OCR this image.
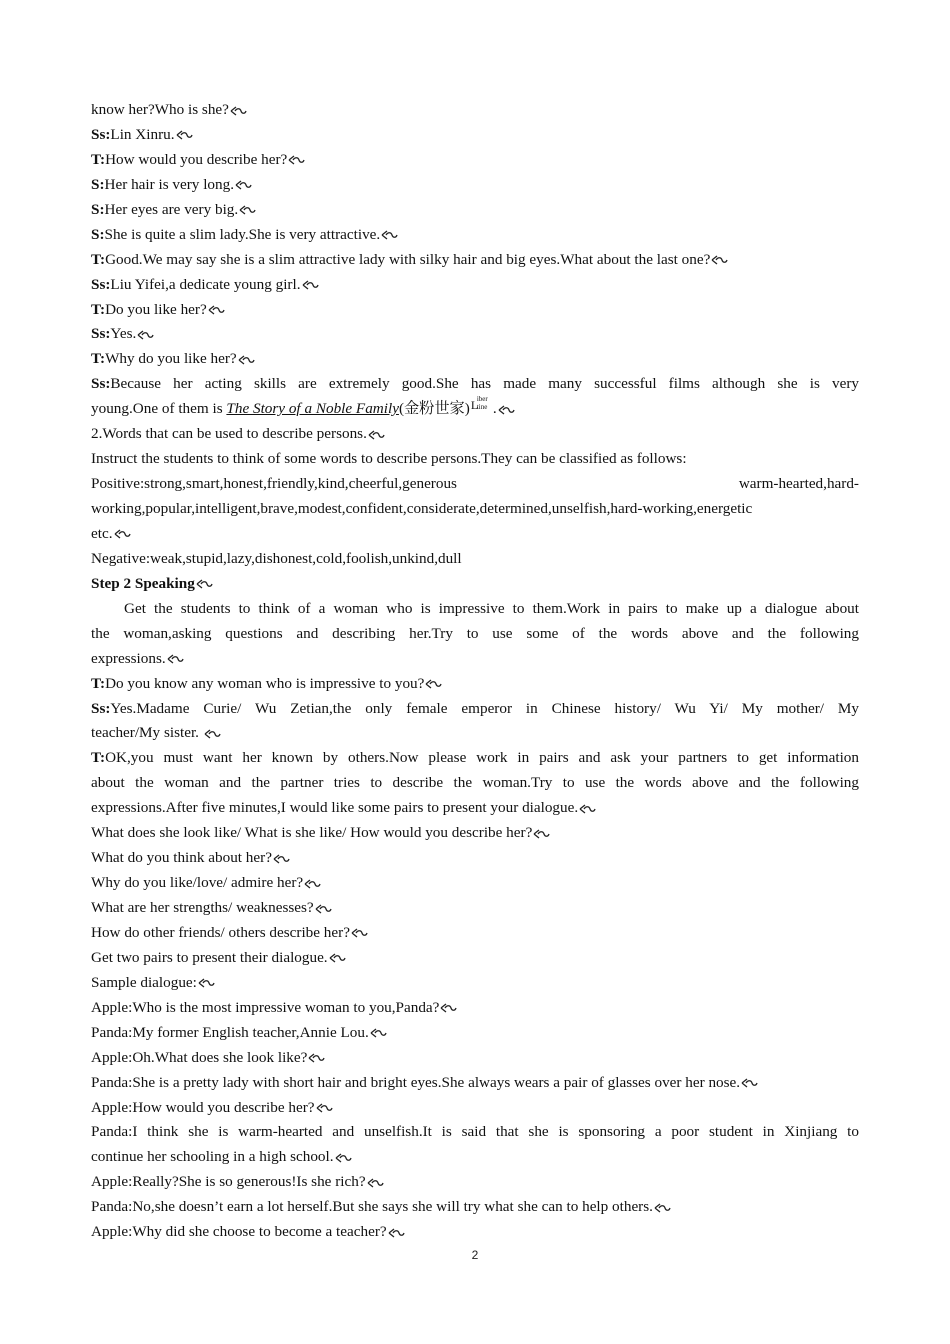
know her?Who is she?
Ss:Lin Xinru.
T:How would you describe her?
S:Her hair is very long.
S:Her eyes are very big.
S:She is quite a slim lady.She is very attractive.
T:Good.We may say she is a slim attractive lady with silky hair and big eyes.What about the last one?
Ss:Liu Yifei,a dedicate young girl.
T:Do you like her?
Ss:Yes.
T:Why do you like her?
Ss:Because her acting skills are extremely good.She has made many successful films although she is very
young.One of them is The Story of a Noble Family(金粉世家) L
iber
tine .
2.Words that can be used to describe persons.
Instruct the students to think of some words to describe persons.They can be classified as follows:
Positive:strong,smart,honest,friendly,kind,cheerful,generous	warm-hearted,hard-
working,popular,intelligent,brave,modest,confident,considerate,determined,unselfish,hard-working,energetic
etc.
Negative:weak,stupid,lazy,dishonest,cold,foolish,unkind,dull
Step 2 Speaking
Get the students to think of a woman who is impressive to them.Work in pairs to make up a dialogue about
the woman,asking questions and describing her.Try to use some of the words above and the following
expressions.
T:Do you know any woman who is impressive to you?
Ss:Yes.Madame Curie/ Wu Zetian,the only female emperor in Chinese history/ Wu Yi/ My mother/ My
teacher/My sister.
T:OK,you must want her known by others.Now please work in pairs and ask your partners to get information
about the woman and the partner tries to describe the woman.Try to use the words above and the following
expressions.After five minutes,I would like some pairs to present your dialogue.
What does she look like/ What is she like/ How would you describe her?
What do you think about her?
Why do you like/love/ admire her?
What are her strengths/ weaknesses?
How do other friends/ others describe her?
Get two pairs to present their dialogue.
Sample dialogue:
Apple:Who is the most impressive woman to you,Panda?
Panda:My former English teacher,Annie Lou.
Apple:Oh.What does she look like?
Panda:She is a pretty lady with short hair and bright eyes.She always wears a pair of glasses over her nose.
Apple:How would you describe her?
Panda:I think she is warm-hearted and unselfish.It is said that she is sponsoring a poor student in Xinjiang to
continue her schooling in a high school.
Apple:Really?She is so generous!Is she rich?
Panda:No,she doesn’t earn a lot herself.But she says she will try what she can to help others.
Apple:Why did she choose to become a teacher?
2
